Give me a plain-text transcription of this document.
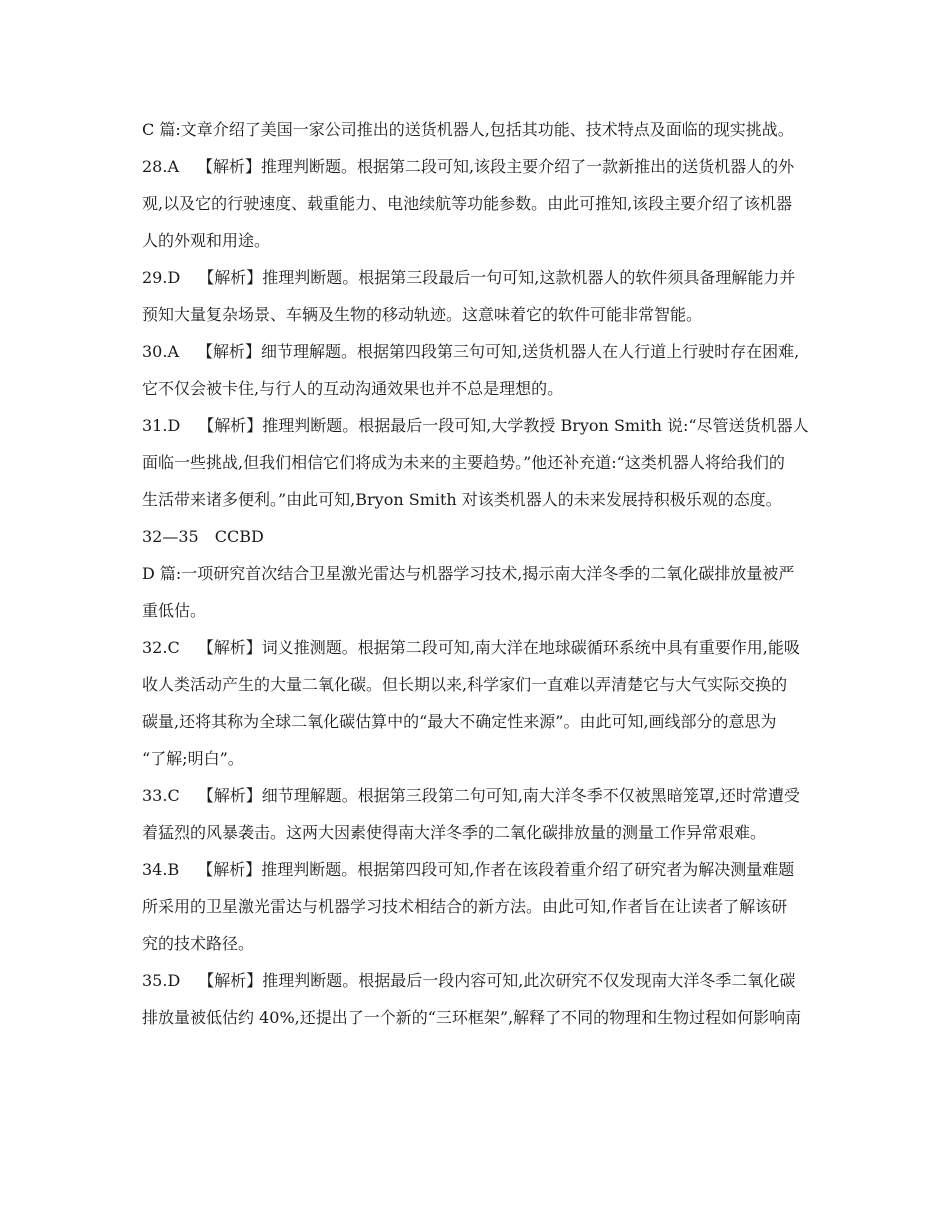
C 篇:文章介绍了美国一家公司推出的送货机器人,包括其功能、技术特点及面临的现实挑战。
28.A 【解析】推理判断题。根据第二段可知,该段主要介绍了一款新推出的送货机器人的外
观,以及它的行驶速度、载重能力、电池续航等功能参数。由此可推知,该段主要介绍了该机器
人的外观和用途。
29.D 【解析】推理判断题。根据第三段最后一句可知,这款机器人的软件须具备理解能力并
预知大量复杂场景、车辆及生物的移动轨迹。这意味着它的软件可能非常智能。
30.A 【解析】细节理解题。根据第四段第三句可知,送货机器人在人行道上行驶时存在困难,
它不仅会被卡住,与行人的互动沟通效果也并不总是理想的。
31.D 【解析】推理判断题。根据最后一段可知,大学教授 Bryon Smith 说:“尽管送货机器人
面临一些挑战,但我们相信它们将成为未来的主要趋势。”他还补充道:“这类机器人将给我们的
生活带来诸多便利。”由此可知,Bryon Smith 对该类机器人的未来发展持积极乐观的态度。
32—35　CCBD
D 篇:一项研究首次结合卫星激光雷达与机器学习技术,揭示南大洋冬季的二氧化碳排放量被严
重低估。
32.C 【解析】词义推测题。根据第二段可知,南大洋在地球碳循环系统中具有重要作用,能吸
收人类活动产生的大量二氧化碳。但长期以来,科学家们一直难以弄清楚它与大气实际交换的
碳量,还将其称为全球二氧化碳估算中的“最大不确定性来源”。由此可知,画线部分的意思为
“了解;明白”。
33.C 【解析】细节理解题。根据第三段第二句可知,南大洋冬季不仅被黑暗笼罩,还时常遭受
着猛烈的风暴袭击。这两大因素使得南大洋冬季的二氧化碳排放量的测量工作异常艰难。
34.B 【解析】推理判断题。根据第四段可知,作者在该段着重介绍了研究者为解决测量难题
所采用的卫星激光雷达与机器学习技术相结合的新方法。由此可知,作者旨在让读者了解该研
究的技术路径。
35.D 【解析】推理判断题。根据最后一段内容可知,此次研究不仅发现南大洋冬季二氧化碳
排放量被低估约 40%,还提出了一个新的“三环框架”,解释了不同的物理和生物过程如何影响南
